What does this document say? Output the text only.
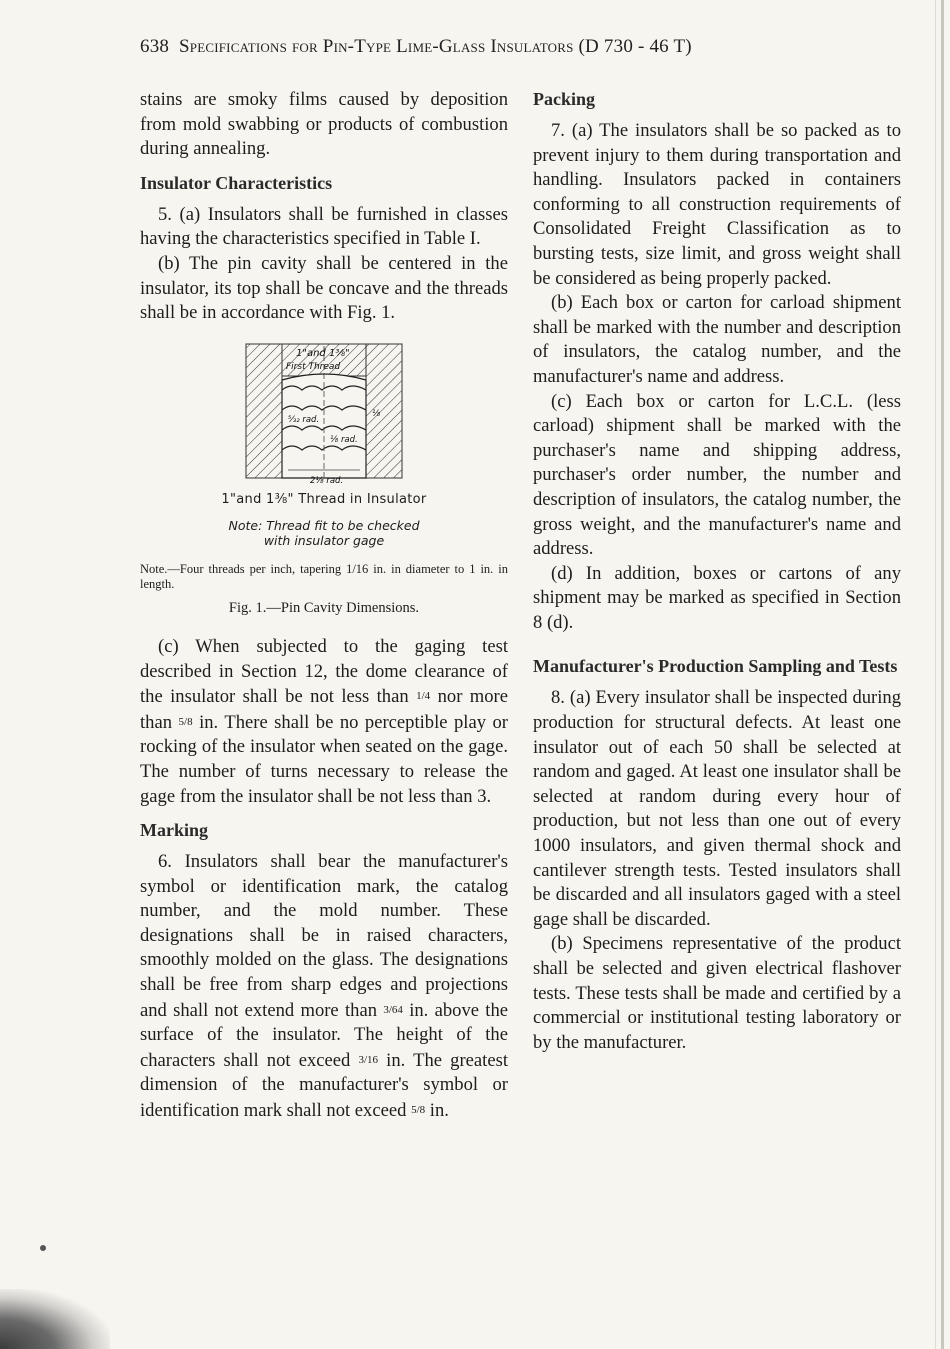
638 Specifications for Pin-Type Lime-Glass Insulators (D 730 - 46 T)

stains are smoky films caused by deposition from mold swabbing or products of combustion during annealing.

Insulator Characteristics

5. (a) Insulators shall be furnished in classes having the characteristics specified in Table I.

(b) The pin cavity shall be centered in the insulator, its top shall be concave and the threads shall be in accordance with Fig. 1.

1"and 1⅜"
First Thread
⁵⁄₃₂ rad.
⅛ rad.
2⅛ rad.
⅛
1"and 1⅜" Thread in Insulator
Note: Thread fit to be checked
with insulator gage
Note.—Four threads per inch, tapering 1/16 in. in diameter to 1 in. in length.
Fig. 1.—Pin Cavity Dimensions.

(c) When subjected to the gaging test described in Section 12, the dome clearance of the insulator shall be not less than 1/4 nor more than 5/8 in. There shall be no perceptible play or rocking of the insulator when seated on the gage. The number of turns necessary to release the gage from the insulator shall be not less than 3.

Marking

6. Insulators shall bear the manufacturer's symbol or identification mark, the catalog number, and the mold number. These designations shall be in raised characters, smoothly molded on the glass. The designations shall be free from sharp edges and projections and shall not extend more than 3/64 in. above the surface of the insulator. The height of the characters shall not exceed 3/16 in. The greatest dimension of the manufacturer's symbol or identification mark shall not exceed 5/8 in.

Packing

7. (a) The insulators shall be so packed as to prevent injury to them during transportation and handling. Insulators packed in containers conforming to all construction requirements of Consolidated Freight Classification as to bursting tests, size limit, and gross weight shall be considered as being properly packed.

(b) Each box or carton for carload shipment shall be marked with the number and description of insulators, the catalog number, and the manufacturer's name and address.

(c) Each box or carton for L.C.L. (less carload) shipment shall be marked with the purchaser's name and shipping address, purchaser's order number, the number and description of insulators, the catalog number, the gross weight, and the manufacturer's name and address.

(d) In addition, boxes or cartons of any shipment may be marked as specified in Section 8 (d).

Manufacturer's Production Sampling and Tests

8. (a) Every insulator shall be inspected during production for structural defects. At least one insulator out of each 50 shall be selected at random and gaged. At least one insulator shall be selected at random during every hour of production, but not less than one out of every 1000 insulators, and given thermal shock and cantilever strength tests. Tested insulators shall be discarded and all insulators gaged with a steel gage shall be discarded.

(b) Specimens representative of the product shall be selected and given electrical flashover tests. These tests shall be made and certified by a commercial or institutional testing laboratory or by the manufacturer.
